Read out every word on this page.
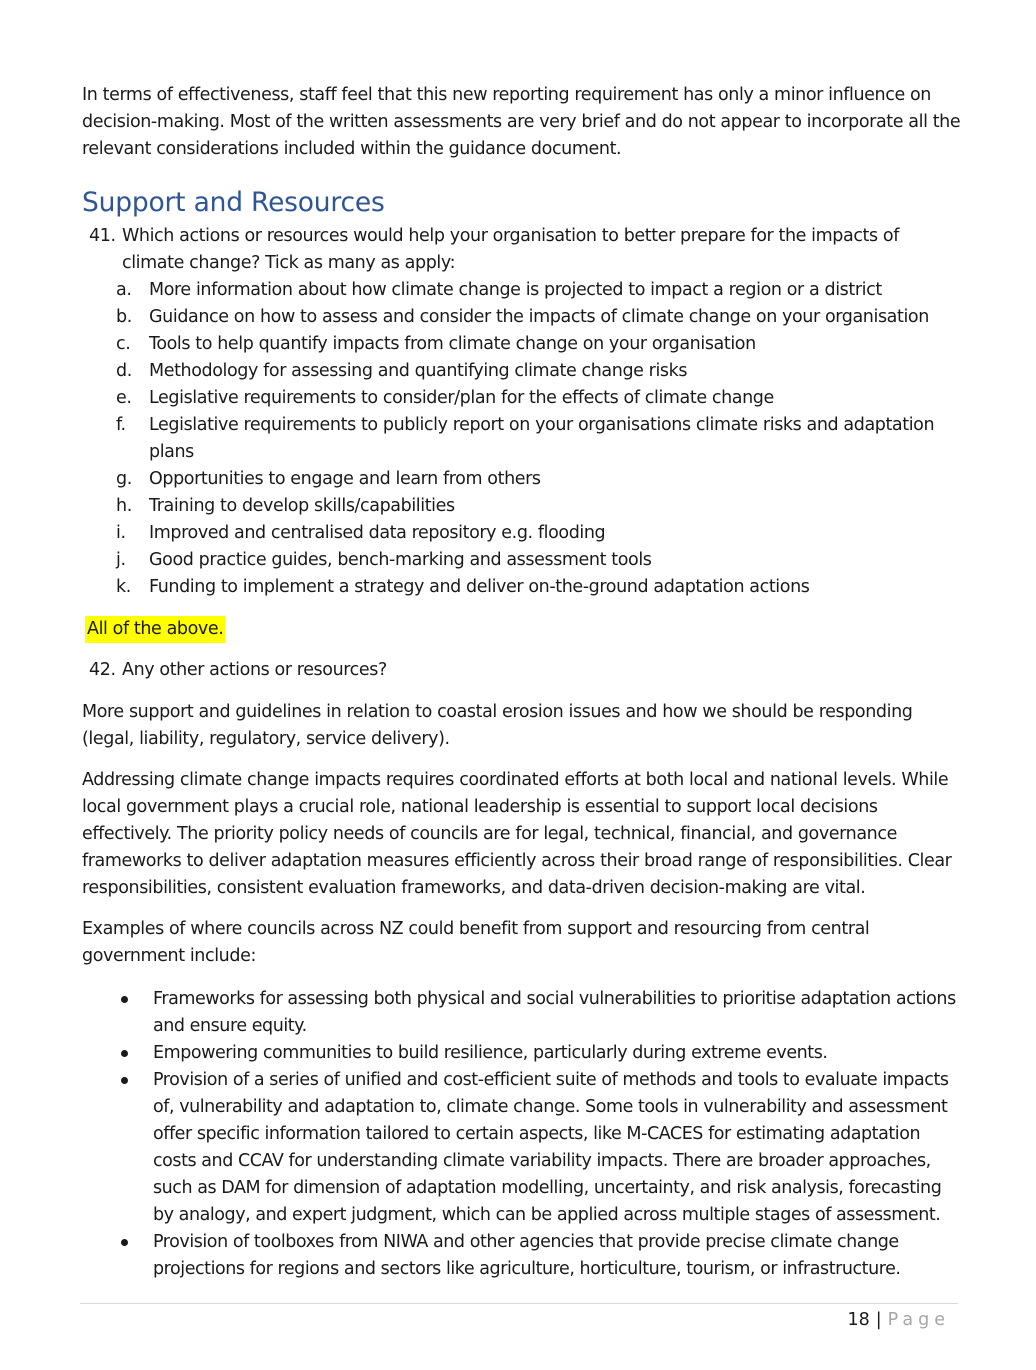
In terms of effectiveness, staff feel that this new reporting requirement has only a minor influence on decision-making. Most of the written assessments are very brief and do not appear to incorporate all the relevant considerations included within the guidance document.

Support and Resources
41. Which actions or resources would help your organisation to better prepare for the impacts of climate change? Tick as many as apply:
a. More information about how climate change is projected to impact a region or a district
b. Guidance on how to assess and consider the impacts of climate change on your organisation
c. Tools to help quantify impacts from climate change on your organisation
d. Methodology for assessing and quantifying climate change risks
e. Legislative requirements to consider/plan for the effects of climate change
f. Legislative requirements to publicly report on your organisations climate risks and adaptation plans
g. Opportunities to engage and learn from others
h. Training to develop skills/capabilities
i. Improved and centralised data repository e.g. flooding
j. Good practice guides, bench-marking and assessment tools
k. Funding to implement a strategy and deliver on-the-ground adaptation actions

All of the above.

42. Any other actions or resources?

More support and guidelines in relation to coastal erosion issues and how we should be responding (legal, liability, regulatory, service delivery).

Addressing climate change impacts requires coordinated efforts at both local and national levels. While local government plays a crucial role, national leadership is essential to support local decisions effectively. The priority policy needs of councils are for legal, technical, financial, and governance frameworks to deliver adaptation measures efficiently across their broad range of responsibilities. Clear responsibilities, consistent evaluation frameworks, and data-driven decision-making are vital.

Examples of where councils across NZ could benefit from support and resourcing from central government include:

Frameworks for assessing both physical and social vulnerabilities to prioritise adaptation actions and ensure equity.
Empowering communities to build resilience, particularly during extreme events.
Provision of a series of unified and cost-efficient suite of methods and tools to evaluate impacts of, vulnerability and adaptation to, climate change. Some tools in vulnerability and assessment offer specific information tailored to certain aspects, like M-CACES for estimating adaptation costs and CCAV for understanding climate variability impacts. There are broader approaches, such as DAM for dimension of adaptation modelling, uncertainty, and risk analysis, forecasting by analogy, and expert judgment, which can be applied across multiple stages of assessment.
Provision of toolboxes from NIWA and other agencies that provide precise climate change projections for regions and sectors like agriculture, horticulture, tourism, or infrastructure.
18 | Page
